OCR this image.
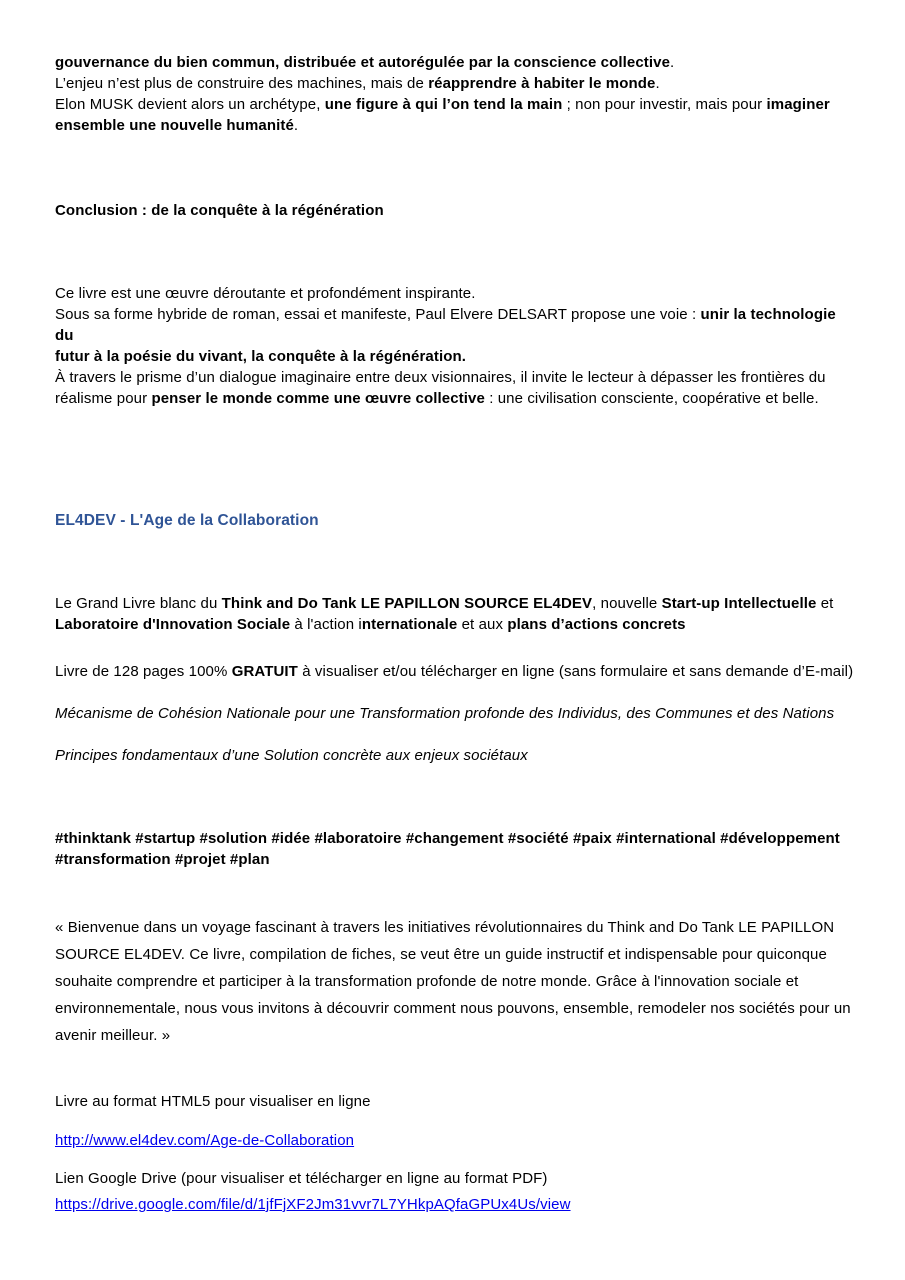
gouvernance du bien commun, distribuée et autorégulée par la conscience collective.
L’enjeu n’est plus de construire des machines, mais de réapprendre à habiter le monde.
Elon MUSK devient alors un archétype, une figure à qui l’on tend la main ; non pour investir, mais pour imaginer
ensemble une nouvelle humanité.
Conclusion : de la conquête à la régénération
Ce livre est une œuvre déroutante et profondément inspirante.
Sous sa forme hybride de roman, essai et manifeste, Paul Elvere DELSART propose une voie : unir la technologie du
futur à la poésie du vivant, la conquête à la régénération.
À travers le prisme d’un dialogue imaginaire entre deux visionnaires, il invite le lecteur à dépasser les frontières du
réalisme pour penser le monde comme une œuvre collective : une civilisation consciente, coopérative et belle.
EL4DEV - L'Age de la Collaboration
Le Grand Livre blanc du Think and Do Tank LE PAPILLON SOURCE EL4DEV, nouvelle Start-up Intellectuelle et
Laboratoire d'Innovation Sociale à l'action internationale et aux plans d’actions concrets
Livre de 128 pages 100% GRATUIT à visualiser et/ou télécharger en ligne (sans formulaire et sans demande d’E-mail)
Mécanisme de Cohésion Nationale pour une Transformation profonde des Individus, des Communes et des Nations
Principes fondamentaux d’une Solution concrète aux enjeux sociétaux
#thinktank #startup #solution #idée #laboratoire #changement #société #paix #international #développement
#transformation #projet #plan
« Bienvenue dans un voyage fascinant à travers les initiatives révolutionnaires du Think and Do Tank LE PAPILLON
SOURCE EL4DEV. Ce livre, compilation de fiches, se veut être un guide instructif et indispensable pour quiconque
souhaite comprendre et participer à la transformation profonde de notre monde. Grâce à l'innovation sociale et
environnementale, nous vous invitons à découvrir comment nous pouvons, ensemble, remodeler nos sociétés pour un
avenir meilleur. »
Livre au format HTML5 pour visualiser en ligne
http://www.el4dev.com/Age-de-Collaboration
Lien Google Drive (pour visualiser et télécharger en ligne au format PDF)
https://drive.google.com/file/d/1jfFjXF2Jm31vvr7L7YHkpAQfaGPUx4Us/view
